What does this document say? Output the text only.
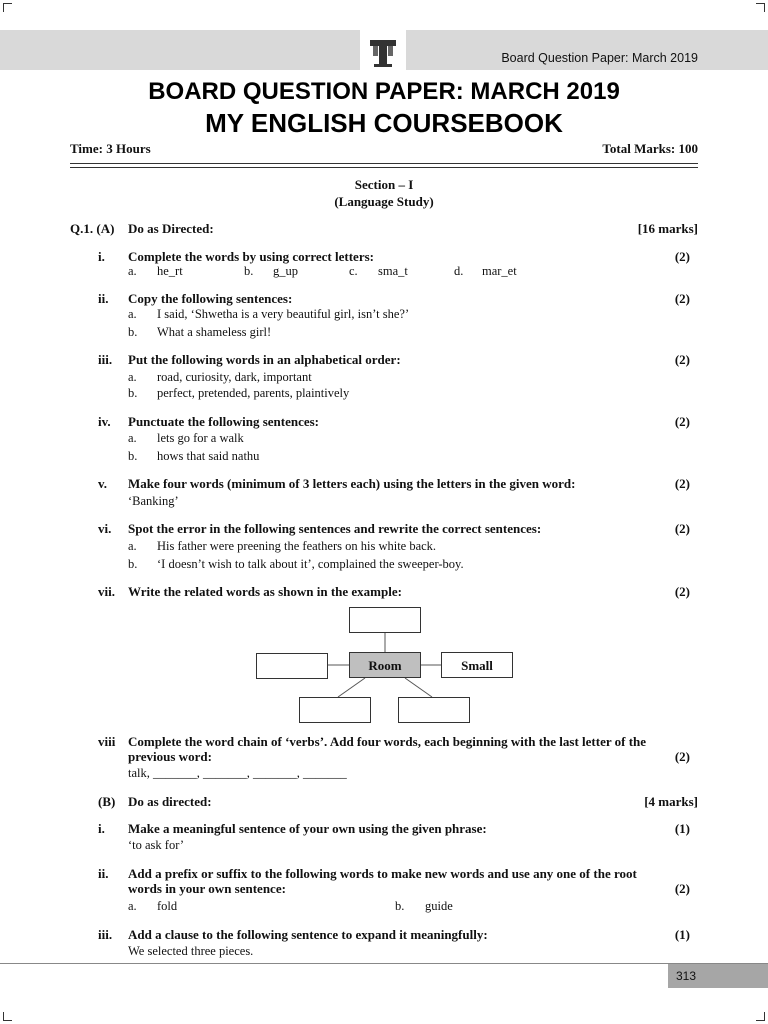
Board Question Paper: March 2019
BOARD QUESTION PAPER: MARCH 2019
MY ENGLISH COURSEBOOK
Time: 3 Hours	Total Marks: 100
Section – I
(Language Study)
Q.1. (A) Do as Directed:	[16 marks]
i. Complete the words by using correct letters:	(2)
a. he_rt	b. g_up	c. sma_t	d. mar_et
ii. Copy the following sentences:	(2)
a. I said, ‘Shwetha is a very beautiful girl, isn’t she?’
b. What a shameless girl!
iii. Put the following words in an alphabetical order:	(2)
a. road, curiosity, dark, important
b. perfect, pretended, parents, plaintively
iv. Punctuate the following sentences:	(2)
a. lets go for a walk
b. hows that said nathu
v. Make four words (minimum of 3 letters each) using the letters in the given word:	(2)
‘Banking’
vi. Spot the error in the following sentences and rewrite the correct sentences:	(2)
a. His father were preening the feathers on his white back.
b. ‘I doesn’t wish to talk about it’, complained the sweeper-boy.
vii. Write the related words as shown in the example:	(2)
Room	Small
viii Complete the word chain of ‘verbs’. Add four words, each beginning with the last letter of the previous word:	(2)
talk, _______, _______, _______, _______
(B) Do as directed:	[4 marks]
i. Make a meaningful sentence of your own using the given phrase:	(1)
‘to ask for’
ii. Add a prefix or suffix to the following words to make new words and use any one of the root words in your own sentence:	(2)
a. fold	b. guide
iii. Add a clause to the following sentence to expand it meaningfully:	(1)
We selected three pieces.
313
